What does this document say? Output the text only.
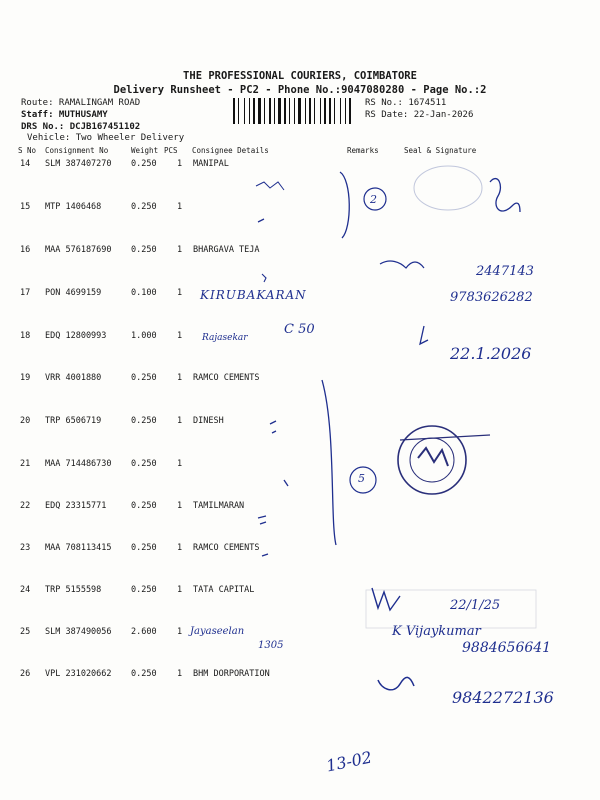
THE PROFESSIONAL COURIERS, COIMBATORE
Delivery Runsheet - PC2 - Phone No.:9047080280 - Page No.:2
Route: RAMALINGAM ROAD
Staff: MUTHUSAMY
DRS No.: DCJB167451102
Vehicle: Two Wheeler Delivery
RS No.: 1674511
RS Date: 22-Jan-2026
S No Consignment No	Weight PCS Consignee Details	Remarks	Seal & Signature
14 SLM 387407270 0.250 1 MANIPAL
15 MTP 1406468	0.250 1
16 MAA 576187690 0.250 1 BHARGAVA TEJA
17 PON 4699159	0.100 1
18 EDQ 12800993	1.000 1
19 VRR 4001880	0.250 1 RAMCO CEMENTS
20 TRP 6506719	0.250 1 DINESH
21 MAA 714486730 0.250 1
22 EDQ 23315771	0.250 1 TAMILMARAN
23 MAA 708113415 0.250 1 RAMCO CEMENTS
24 TRP 5155598	0.250 1 TATA CAPITAL
25 SLM 387490056 2.600 1
26 VPL 231020662 0.250 1 BHM DORPORATION
KIRUBAKARAN	9783626282
Rajasekar
C 50
22.1.2026
2447143
Jayaseelan
1305	9884656641
9842272136
22/1/25
K Vijaykumar
2
5
13-02
